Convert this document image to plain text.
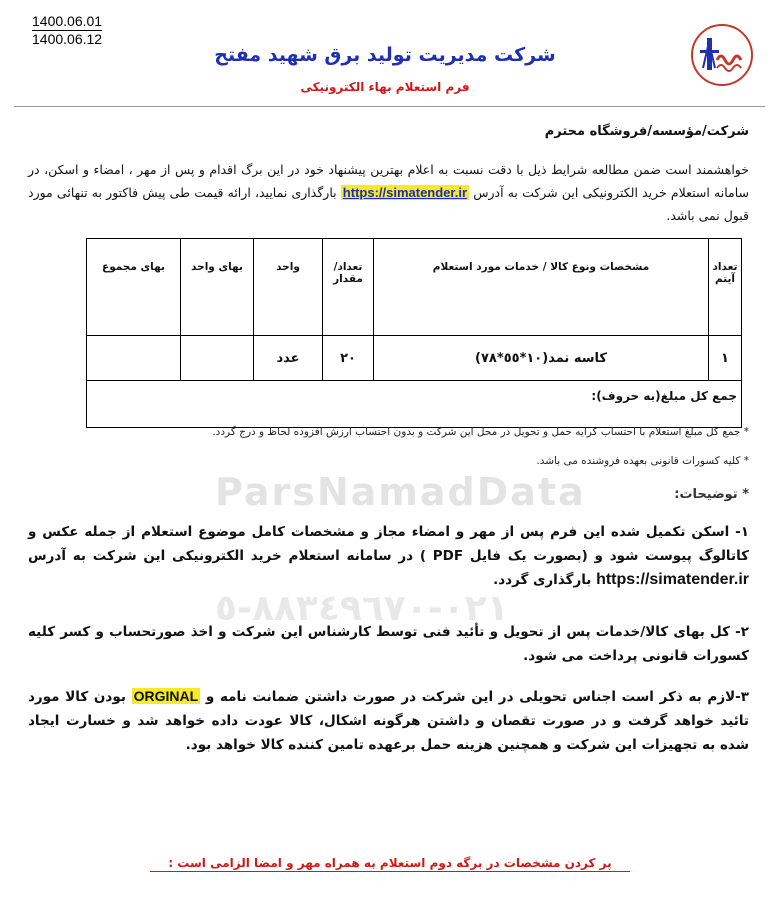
1400.06.01
1400.06.12
شرکت مدیریت تولید برق شهید مفتح
فرم استعلام بهاء الکترونیکی
شرکت/مؤسسه/فروشگاه محترم
خواهشمند است ضمن مطالعه شرایط ذیل با دقت نسبت به اعلام بهترین پیشنهاد خود در این برگ اقدام و پس از مهر ، امضاء و اسکن، در سامانه استعلام خرید الکترونیکی این شرکت به آدرس https://simatender.ir بارگذاری نمایید، ارائه قیمت طی پیش فاکتور به تنهائی مورد قبول نمی باشد.
ParsNamadData
٠٢١-٨٨٣٤٩٦٧٠-٥
تعداد آیتم	مشخصات ونوع کالا / خدمات مورد استعلام	تعداد/ مقدار	واحد	بهای واحد	بهای مجموع
١	کاسه نمد(١٠*٥٥*٧٨)	٢٠	عدد		
جمع کل مبلغ(به حروف):					
* جمع کل مبلغ استعلام با احتساب کرایه حمل و تحویل در محل این شرکت و بدون احتساب ارزش افزوده لحاظ و درج گردد.
* کلیه کسورات قانونی بعهده فروشنده می باشد.
* توضیحات:
١- اسکن تکمیل شده این فرم پس از مهر و امضاء مجاز و مشخصات کامل موضوع استعلام از جمله عکس و کاتالوگ پیوست شود و (بصورت یک فایل PDF ) در سامانه استعلام خرید الکترونیکی این شرکت به آدرس https://simatender.ir بارگذاری گردد.
٢- کل بهای کالا/خدمات پس از تحویل و تأئید فنی توسط کارشناس این شرکت و اخذ صورتحساب و کسر کلیه کسورات قانونی پرداخت می شود.
٣-لازم به ذکر است اجناس تحویلی در این شرکت در صورت داشتن ضمانت نامه و ORGINAL بودن کالا مورد تائید خواهد گرفت و در صورت تقصان و داشتن هرگونه اشکال، کالا عودت داده خواهد شد و خسارت ایجاد شده به تجهیزات این شرکت و همچنین هزینه حمل برعهده تامین کننده کالا خواهد بود.
پر کردن مشخصات در برگه دوم استعلام به همراه مهر و امضا الزامی است :
